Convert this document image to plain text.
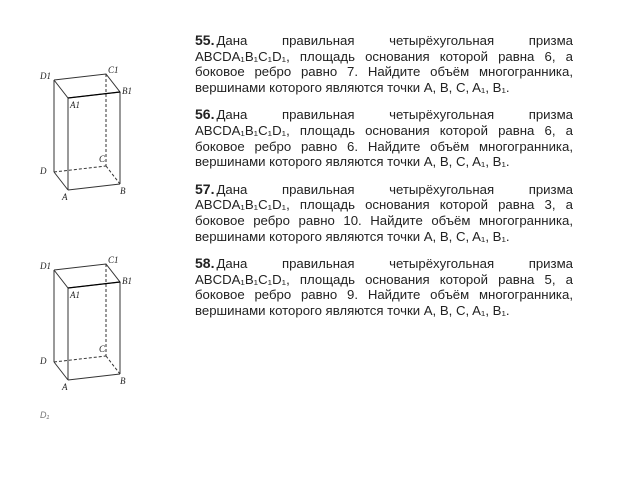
D1
C1
B1
A1
C
D
B
A
D1
C1
B1
A1
C
D
B
A
D₁

55. Дана правильная четырёхугольная призма ABCDA₁B₁C₁D₁, площадь основания которой равна 6, а боковое ребро равно 7. Найдите объём многогранника, вершинами которого являются точки A, B, C, A₁, B₁.

56. Дана правильная четырёхугольная призма ABCDA₁B₁C₁D₁, площадь основания которой равна 6, а боковое ребро равно 6. Найдите объём многогранника, вершинами которого являются точки A, B, C, A₁, B₁.

57. Дана правильная четырёхугольная призма ABCDA₁B₁C₁D₁, площадь основания которой равна 3, а боковое ребро равно 10. Найдите объём многогранника, вершинами которого являются точки A, B, C, A₁, B₁.

58. Дана правильная четырёхугольная призма ABCDA₁B₁C₁D₁, площадь основания которой равна 5, а боковое ребро равно 9. Найдите объём многогранника, вершинами которого являются точки A, B, C, A₁, B₁.
